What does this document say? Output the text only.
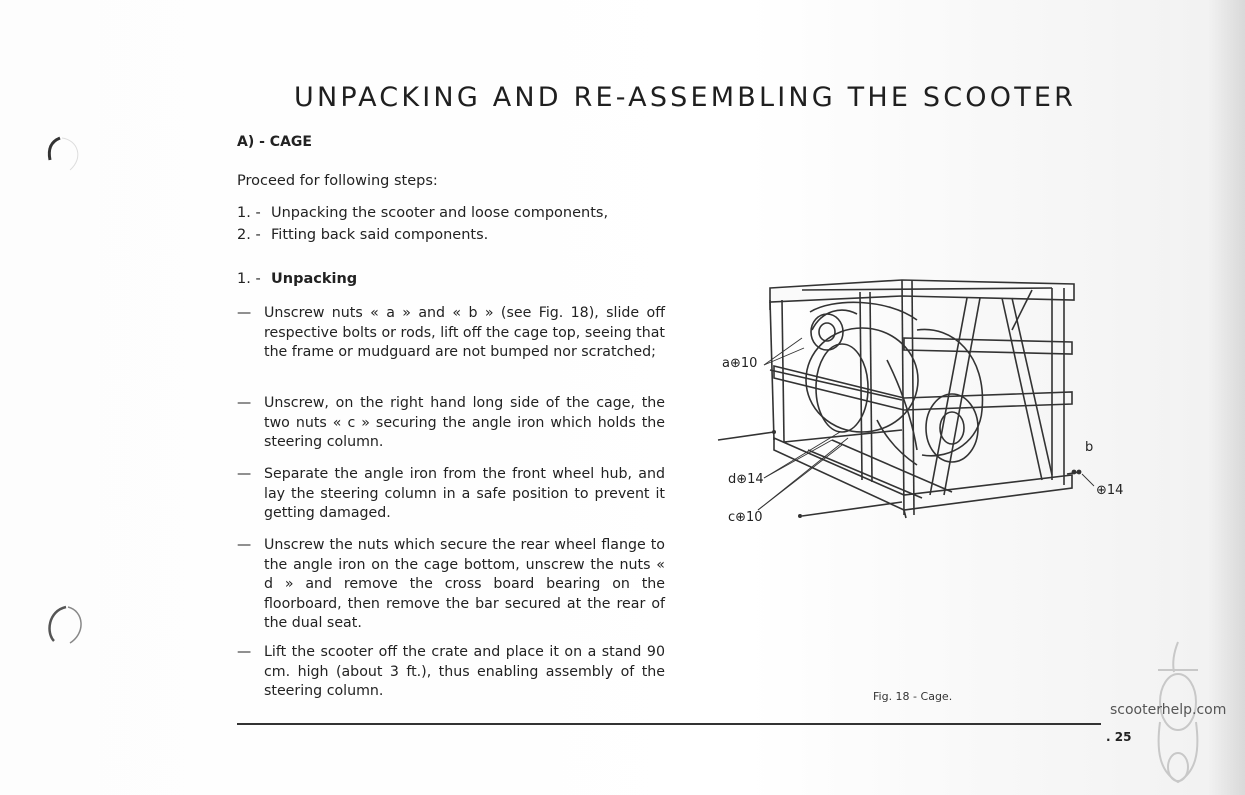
UNPACKING AND RE-ASSEMBLING THE SCOOTER
A) - CAGE
Proceed for following steps:
1. - Unpacking the scooter and loose components,
2. - Fitting back said components.
1. - Unpacking
— Unscrew nuts « a » and « b » (see Fig. 18), slide off respective bolts or rods, lift off the cage top, seeing that the frame or mudguard are not bumped nor scratched;
— Unscrew, on the right hand long side of the cage, the two nuts « c » securing the angle iron which holds the steering column.
— Separate the angle iron from the front wheel hub, and lay the steering column in a safe position to prevent it getting damaged.
— Unscrew the nuts which secure the rear wheel flange to the angle iron on the cage bottom, unscrew the nuts « d » and remove the cross board bearing on the floorboard, then remove the bar secured at the rear of the dual seat.
— Lift the scooter off the crate and place it on a stand 90 cm. high (about 3 ft.), thus enabling assembly of the steering column.
a⊕10
b
⊕14
d⊕14
c⊕10
Fig. 18 - Cage.
scooterhelp.com
. 25
